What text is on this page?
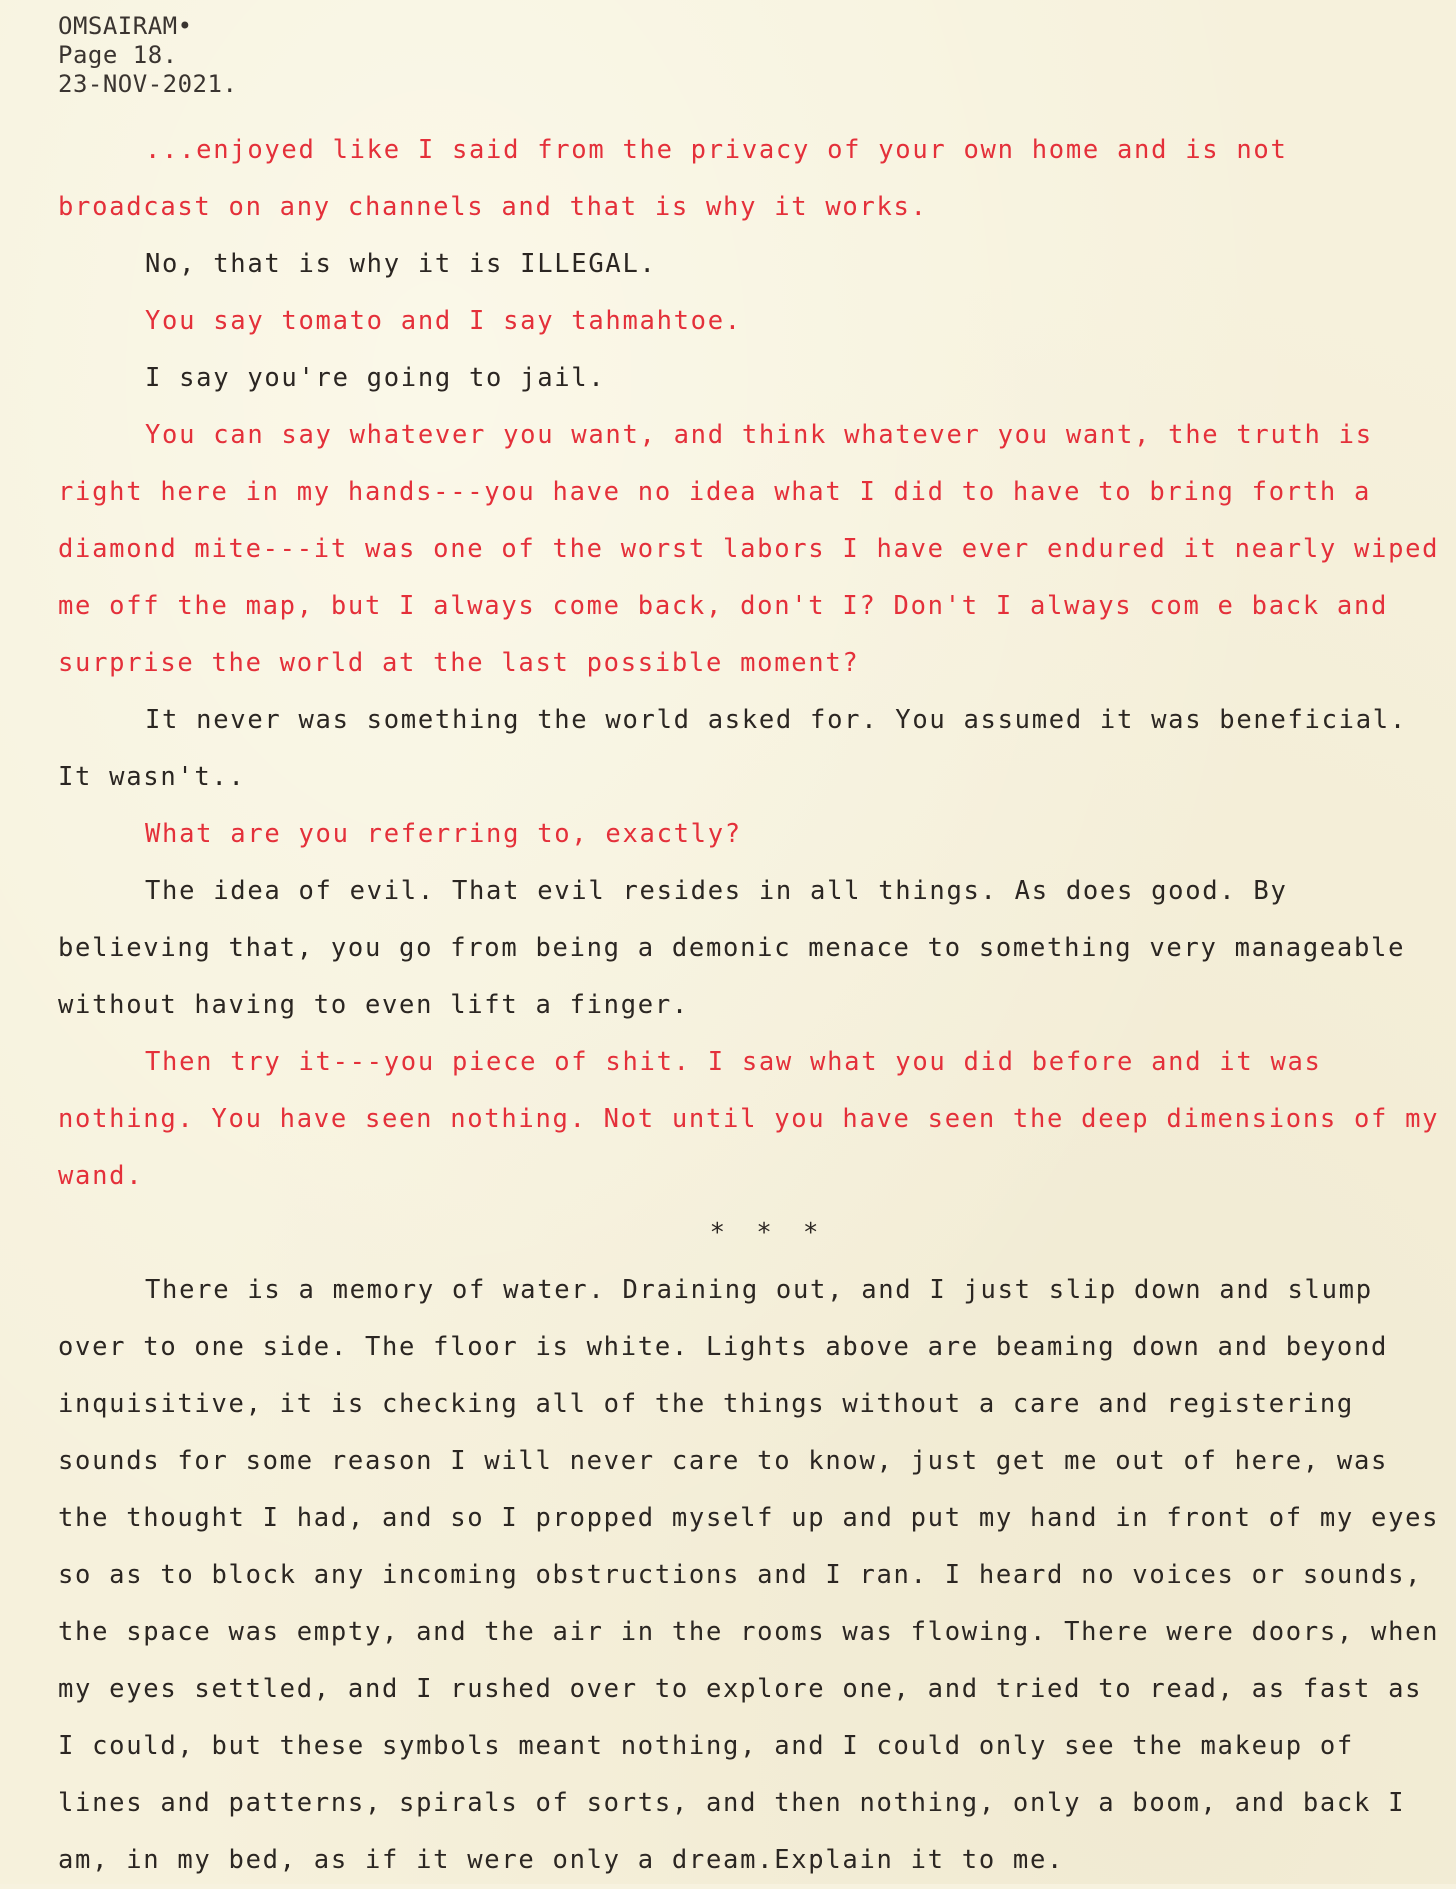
OMSAIRAM•
Page 18.
23-NOV-2021.

...enjoyed like I said from the privacy of your own home and is not broadcast on any channels and that is why it works.

No, that is why it is ILLEGAL.

You say tomato and I say tahmahtoe.

I say you're going to jail.

You can say whatever you want, and think whatever you want, the truth is right here in my hands---you have no idea what I did to have to bring forth a diamond mite---it was one of the worst labors I have ever endured it nearly wiped me off the map, but I always come back, don't I? Don't I always com e back and surprise the world at the last possible moment?

It never was something the world asked for. You assumed it was beneficial. It wasn't..

What are you referring to, exactly?

The idea of evil. That evil resides in all things. As does good. By believing that, you go from being a demonic menace to something very manageable without having to even lift a finger.

Then try it---you piece of shit. I saw what you did before and it was nothing. You have seen nothing. Not until you have seen the deep dimensions of my wand.

* * *

There is a memory of water. Draining out, and I just slip down and slump over to one side. The floor is white. Lights above are beaming down and beyond inquisitive, it is checking all of the things without a care and registering sounds for some reason I will never care to know, just get me out of here, was the thought I had, and so I propped myself up and put my hand in front of my eyes so as to block any incoming obstructions and I ran. I heard no voices or sounds, the space was empty, and the air in the rooms was flowing. There were doors, when my eyes settled, and I rushed over to explore one, and tried to read, as fast as I could, but these symbols meant nothing, and I could only see the makeup of lines and patterns, spirals of sorts, and then nothing, only a boom, and back I am, in my bed, as if it were only a dream.Explain it to me.
